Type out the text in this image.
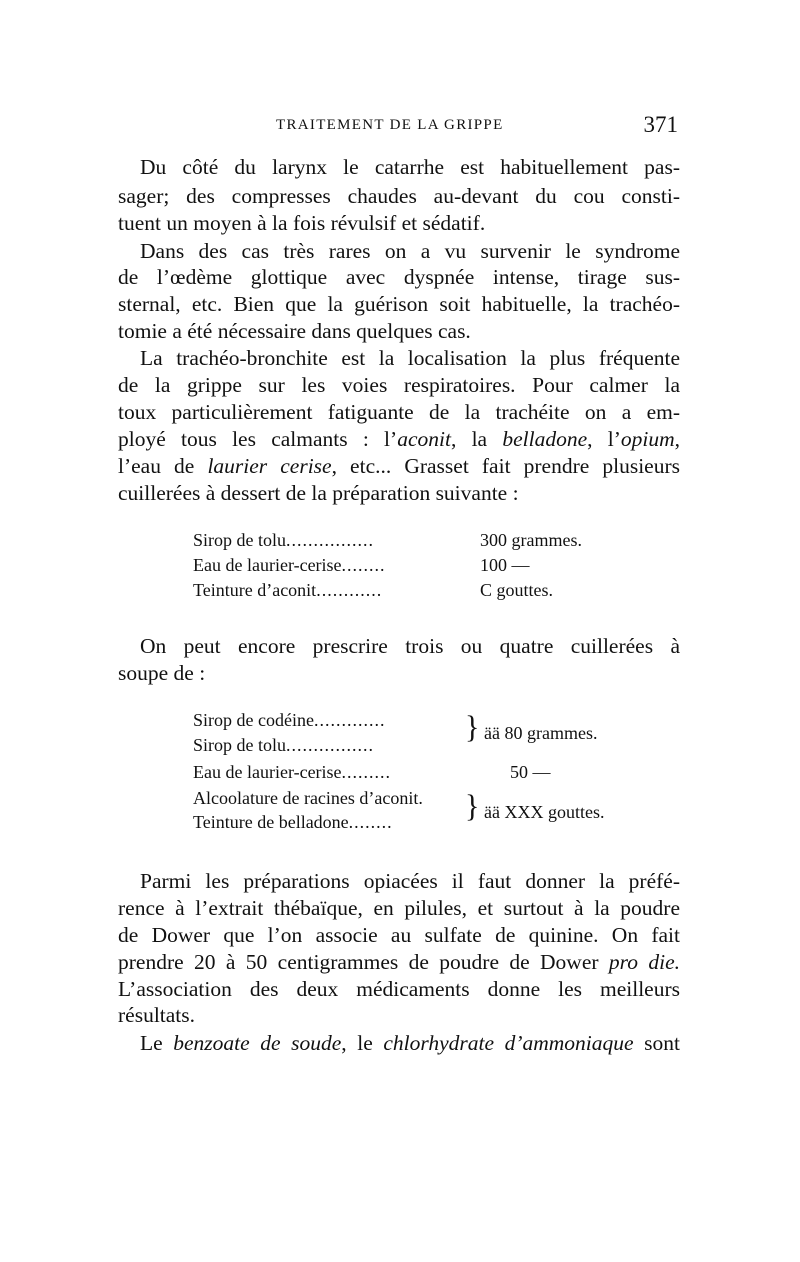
TRAITEMENT DE LA GRIPPE	371
Du côté du larynx le catarrhe est habituellement pas-
sager; des compresses chaudes au-devant du cou consti-
tuent un moyen à la fois révulsif et sédatif.
Dans des cas très rares on a vu survenir le syndrome
de l’œdème glottique avec dyspnée intense, tirage sus-
sternal, etc. Bien que la guérison soit habituelle, la trachéo-
tomie a été nécessaire dans quelques cas.
La trachéo-bronchite est la localisation la plus fréquente
de la grippe sur les voies respiratoires. Pour calmer la
toux particulièrement fatiguante de la trachéite on a em-
ployé tous les calmants : l’aconit, la belladone, l’opium,
l’eau de laurier cerise, etc... Grasset fait prendre plusieurs
cuillerées à dessert de la préparation suivante :
Sirop de tolu................	300 grammes.
Eau de laurier-cerise........	100 —
Teinture d’aconit............	C gouttes.
On peut encore prescrire trois ou quatre cuillerées à
soupe de :
Sirop de codéine.............
Sirop de tolu................
} ää 80 grammes.
Eau de laurier-cerise.........	50 —
Alcoolature de racines d’aconit.
Teinture de belladone........ } ää XXX gouttes.
Parmi les préparations opiacées il faut donner la préfé-
rence à l’extrait thébaïque, en pilules, et surtout à la poudre
de Dower que l’on associe au sulfate de quinine. On fait
prendre 20 à 50 centigrammes de poudre de Dower pro die.
L’association des deux médicaments donne les meilleurs
résultats.
Le benzoate de soude, le chlorhydrate d’ammoniaque sont
